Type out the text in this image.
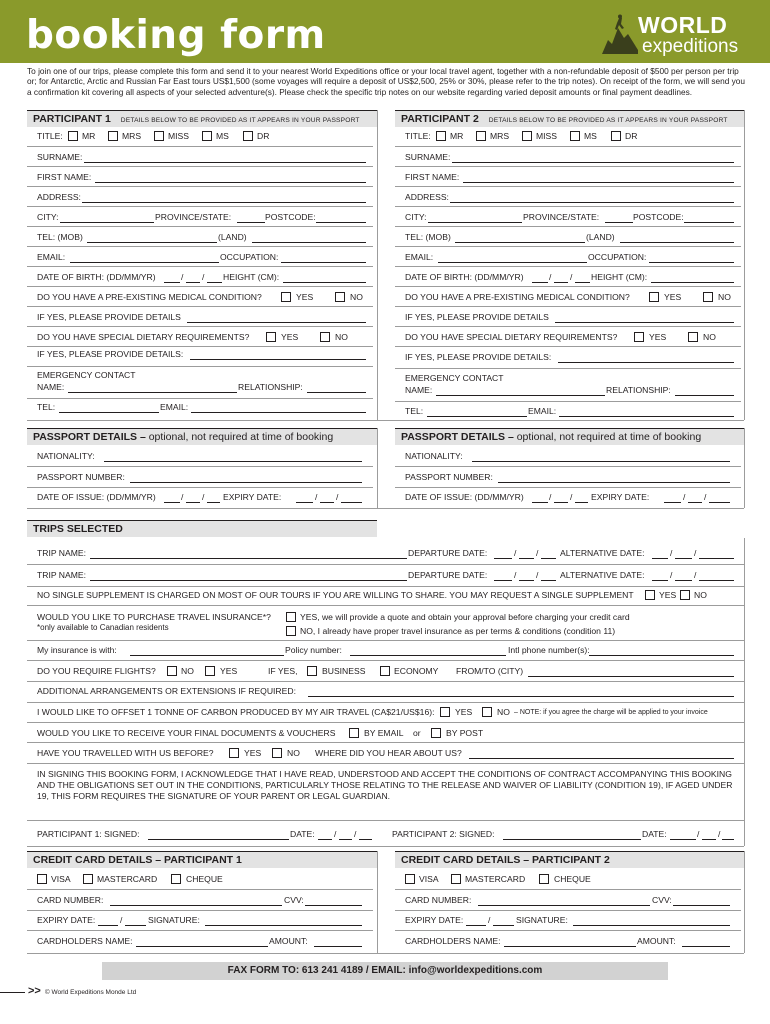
booking form	WORLD
expeditions
To join one of our trips, please complete this form and send it to your nearest World Expeditions office or your local travel agent, together with a non-refundable deposit of $500 per person per trip or; for Antarctic, Arctic and Russian Far East tours US$1,500 (some voyages will require a deposit of US$2,500, 25% or 30%, please refer to the trip notes). On receipt of the form, we will send you a confirmation kit covering all aspects of your selected adventure(s). Please check the specific trip notes on our website regarding varied deposit amounts or final payment deadlines.
PARTICIPANT 1 DETAILS BELOW TO BE PROVIDED AS IT APPEARS IN YOUR PASSPORT
TITLE: MR	MRS	MISS	MS	DR
SURNAME:
FIRST NAME:
ADDRESS:
CITY:	PROVINCE/STATE:	POSTCODE:
TEL: (MOB)	(LAND)
EMAIL:	OCCUPATION:
DATE OF BIRTH: (DD/MM/YR)	/ / HEIGHT (CM):
DO YOU HAVE A PRE-EXISTING MEDICAL CONDITION?	YES	NO
IF YES, PLEASE PROVIDE DETAILS
DO YOU HAVE SPECIAL DIETARY REQUIREMENTS?	YES	NO
IF YES, PLEASE PROVIDE DETAILS:
EMERGENCY CONTACT
NAME:	RELATIONSHIP:
TEL:	EMAIL:
PARTICIPANT 2 DETAILS BELOW TO BE PROVIDED AS IT APPEARS IN YOUR PASSPORT
TITLE: MR	MRS	MISS	MS	DR
SURNAME:
FIRST NAME:
ADDRESS:
CITY:	PROVINCE/STATE:	POSTCODE:
TEL: (MOB)	(LAND)
EMAIL:	OCCUPATION:
DATE OF BIRTH: (DD/MM/YR)	/ / HEIGHT (CM):
DO YOU HAVE A PRE-EXISTING MEDICAL CONDITION?	YES	NO
IF YES, PLEASE PROVIDE DETAILS
DO YOU HAVE SPECIAL DIETARY REQUIREMENTS?	YES	NO
IF YES, PLEASE PROVIDE DETAILS:
EMERGENCY CONTACT
NAME:	RELATIONSHIP:
TEL:	EMAIL:
PASSPORT DETAILS – optional, not required at time of booking
NATIONALITY:
PASSPORT NUMBER:
DATE OF ISSUE: (DD/MM/YR)	/ / EXPIRY DATE:	/ /
PASSPORT DETAILS – optional, not required at time of booking
NATIONALITY:
PASSPORT NUMBER:
DATE OF ISSUE: (DD/MM/YR)	/ / EXPIRY DATE:	/ /
TRIPS SELECTED
TRIP NAME:	DEPARTURE DATE:	/ /	ALTERNATIVE DATE:	/	/
TRIP NAME:	DEPARTURE DATE:	/ /	ALTERNATIVE DATE:	/	/
NO SINGLE SUPPLEMENT IS CHARGED ON MOST OF OUR TOURS IF YOU ARE WILLING TO SHARE. YOU MAY REQUEST A SINGLE SUPPLEMENT	YES NO
WOULD YOU LIKE TO PURCHASE TRAVEL INSURANCE*?
*only available to Canadian residents
YES, we will provide a quote and obtain your approval before charging your credit card
NO, I already have proper travel insurance as per terms & conditions (condition 11)
My insurance is with:	Policy number:	Intl phone number(s):
DO YOU REQUIRE FLIGHTS?	NO	YES	IF YES,	BUSINESS	ECONOMY FROM/TO (CITY)
ADDITIONAL ARRANGEMENTS OR EXTENSIONS IF REQUIRED:
I WOULD LIKE TO OFFSET 1 TONNE OF CARBON PRODUCED BY MY AIR TRAVEL (CA$21/US$16): YES	NO – NOTE: if you agree the charge will be applied to your invoice
WOULD YOU LIKE TO RECEIVE YOUR FINAL DOCUMENTS & VOUCHERS	BY EMAIL or	BY POST
HAVE YOU TRAVELLED WITH US BEFORE?	YES	NO WHERE DID YOU HEAR ABOUT US?
IN SIGNING THIS BOOKING FORM, I ACKNOWLEDGE THAT I HAVE READ, UNDERSTOOD AND ACCEPT THE CONDITIONS OF CONTRACT ACCOMPANYING THIS BOOKING AND THE OBLIGATIONS SET OUT IN THE CONDITIONS, PARTICULARLY THOSE RELATING TO THE RELEASE AND WAIVER OF LIABILITY (CONDITION 19), IF AGED UNDER 19, THIS FORM REQUIRES THE SIGNATURE OF YOUR PARENT OR LEGAL GUARDIAN.
PARTICIPANT 1: SIGNED:	DATE: / /	PARTICIPANT 2: SIGNED:	DATE:	/ /
CREDIT CARD DETAILS – PARTICIPANT 1
VISA	MASTERCARD	CHEQUE
CARD NUMBER:	CVV:
EXPIRY DATE:	/	SIGNATURE:
CARDHOLDERS NAME:	AMOUNT:
CREDIT CARD DETAILS – PARTICIPANT 2
VISA	MASTERCARD	CHEQUE
CARD NUMBER:	CVV:
EXPIRY DATE:	/	SIGNATURE:
CARDHOLDERS NAME:	AMOUNT:
FAX FORM TO: 613 241 4189 / EMAIL: info@worldexpeditions.com
>> © World Expeditions Monde Ltd
